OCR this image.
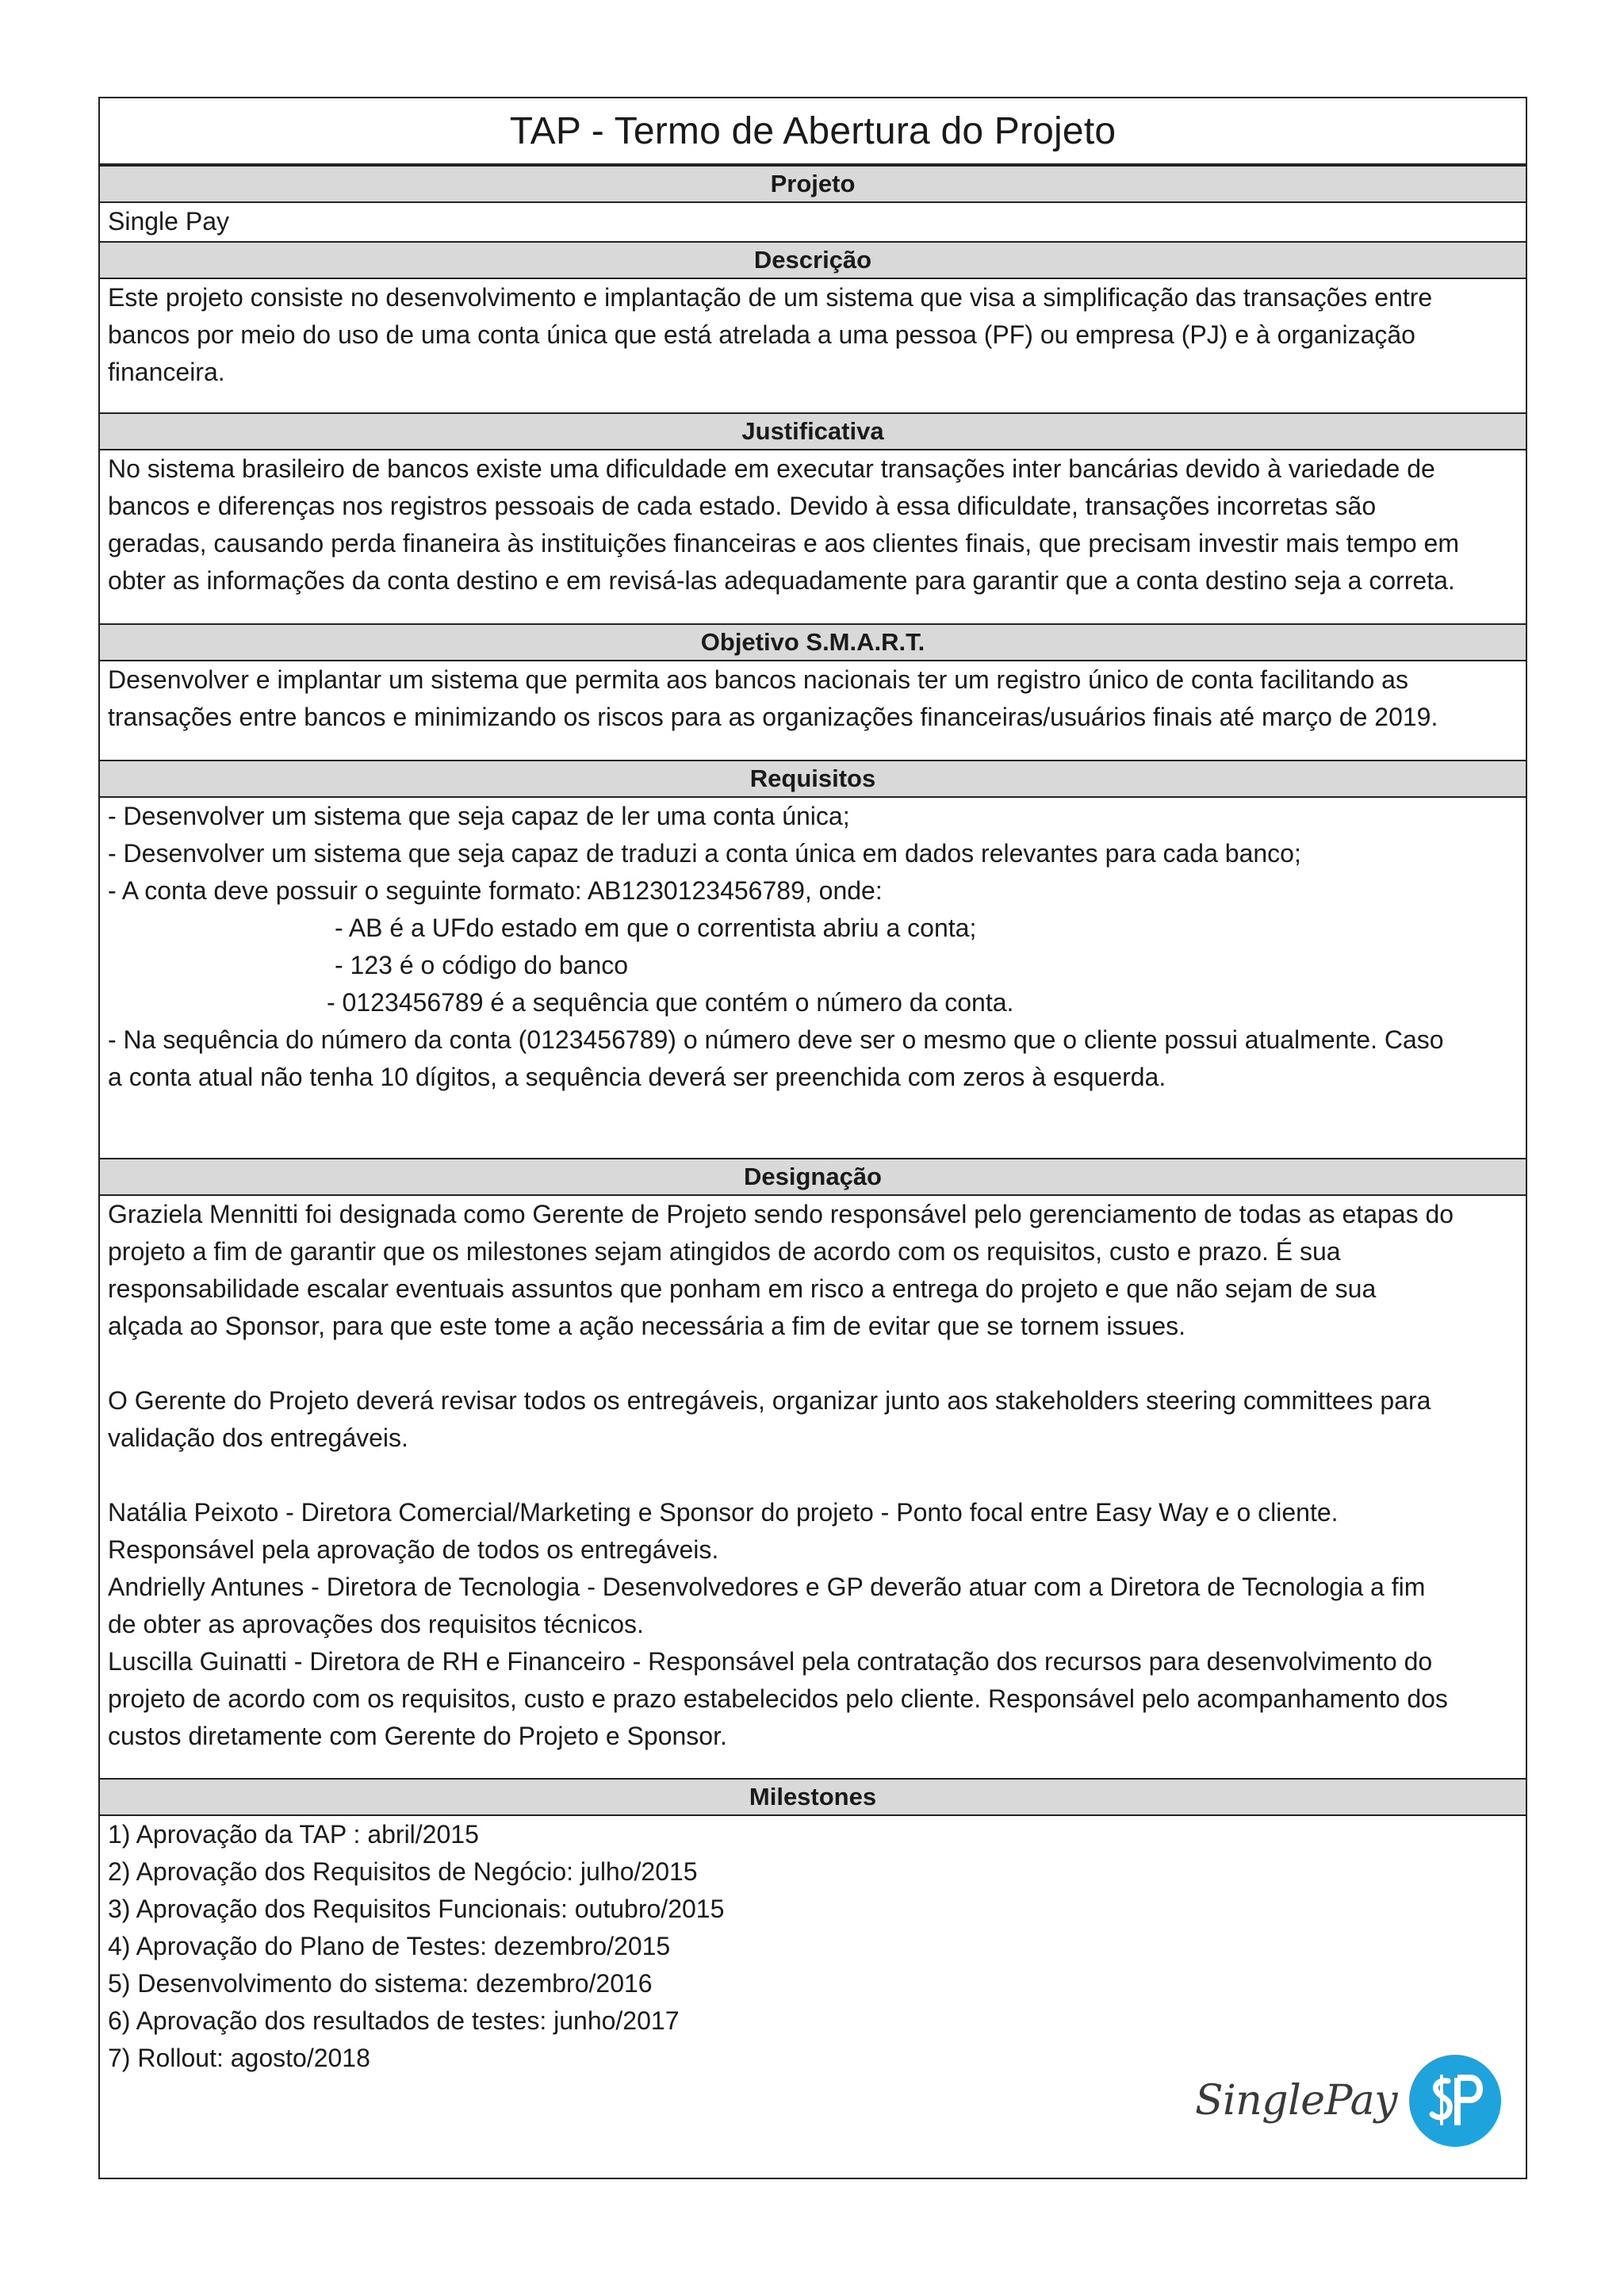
TAP - Termo de Abertura do Projeto
Projeto

Single Pay

Descrição

Este projeto consiste no desenvolvimento e implantação de um sistema que visa a simplificação das transações entre

bancos por meio do uso de uma conta única que está atrelada a uma pessoa (PF) ou empresa (PJ) e à organização

financeira.

Justificativa

No sistema brasileiro de bancos existe uma dificuldade em executar transações inter bancárias devido à variedade de

bancos e diferenças nos registros pessoais de cada estado. Devido à essa dificuldate, transações incorretas são

geradas, causando perda finaneira às instituições financeiras e aos clientes finais, que precisam investir mais tempo em

obter as informações da conta destino e em revisá-las adequadamente para garantir que a conta destino seja a correta.

Objetivo S.M.A.R.T.

Desenvolver e implantar um sistema que permita aos bancos nacionais ter um registro único de conta facilitando as

transações entre bancos e minimizando os riscos para as organizações financeiras/usuários finais até março de 2019.

Requisitos

- Desenvolver um sistema que seja capaz de ler uma conta única;

- Desenvolver um sistema que seja capaz de traduzi a conta única em dados relevantes para cada banco;

- A conta deve possuir o seguinte formato: AB1230123456789, onde:

- AB é a UFdo estado em que o correntista abriu a conta;

- 123 é o código do banco

- 0123456789 é a sequência que contém o número da conta.

- Na sequência do número da conta (0123456789) o número deve ser o mesmo que o cliente possui atualmente. Caso

a conta atual não tenha 10 dígitos, a sequência deverá ser preenchida com zeros à esquerda.

Designação

Graziela Mennitti foi designada como Gerente de Projeto sendo responsável pelo gerenciamento de todas as etapas do

projeto a fim de garantir que os milestones sejam atingidos de acordo com os requisitos, custo e prazo. É sua

responsabilidade escalar eventuais assuntos que ponham em risco a entrega do projeto e que não sejam de sua

alçada ao Sponsor, para que este tome a ação necessária a fim de evitar que se tornem issues.

O Gerente do Projeto deverá revisar todos os entregáveis, organizar junto aos stakeholders steering committees para

validação dos entregáveis.

Natália Peixoto - Diretora Comercial/Marketing e Sponsor do projeto - Ponto focal entre Easy Way e o cliente.

Responsável pela aprovação de todos os entregáveis.

Andrielly Antunes - Diretora de Tecnologia - Desenvolvedores e GP deverão atuar com a Diretora de Tecnologia a fim

de obter as aprovações dos requisitos técnicos.

Luscilla Guinatti - Diretora de RH e Financeiro - Responsável pela contratação dos recursos para desenvolvimento do

projeto de acordo com os requisitos, custo e prazo estabelecidos pelo cliente. Responsável pelo acompanhamento dos

custos diretamente com Gerente do Projeto e Sponsor.

Milestones

1) Aprovação da TAP : abril/2015

2) Aprovação dos Requisitos de Negócio: julho/2015

3) Aprovação dos Requisitos Funcionais: outubro/2015

4) Aprovação do Plano de Testes: dezembro/2015

5) Desenvolvimento do sistema: dezembro/2016

6) Aprovação dos resultados de testes: junho/2017

7) Rollout: agosto/2018

SinglePay
